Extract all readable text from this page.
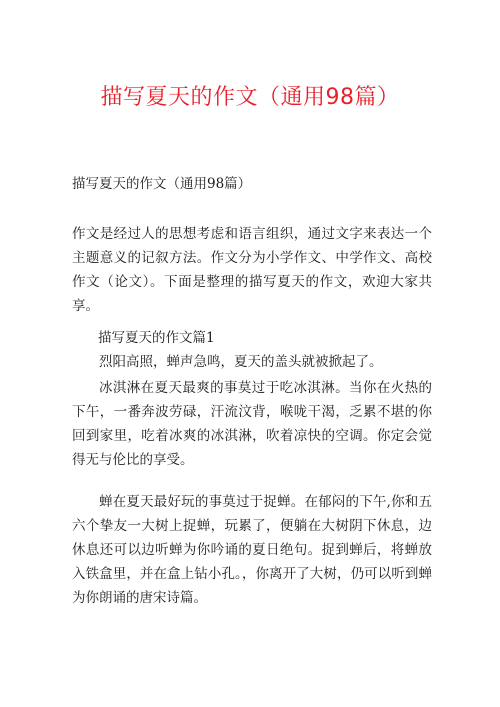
描写夏天的作文（通用98篇）
描写夏天的作文（通用98篇）
作文是经过人的思想考虑和语言组织，通过文字来表达一个主题意义的记叙方法。作文分为小学作文、中学作文、高校作文（论文）。下面是整理的描写夏天的作文，欢迎大家共享。
描写夏天的作文篇1

烈阳高照，蝉声急鸣，夏天的盖头就被掀起了。

冰淇淋在夏天最爽的事莫过于吃冰淇淋。当你在火热的下午，一番奔波劳碌，汗流汶背，喉咙干渴，乏累不堪的你回到家里，吃着冰爽的冰淇淋，吹着凉快的空调。你定会觉得无与伦比的享受。

蝉在夏天最好玩的事莫过于捉蝉。在郁闷的下午,你和五六个挚友一大树上捉蝉，玩累了，便躺在大树阴下休息，边休息还可以边听蝉为你吟诵的夏日绝句。捉到蝉后，将蝉放入铁盒里，并在盒上钻小孔。，你离开了大树，仍可以听到蝉为你朗诵的唐宋诗篇。
